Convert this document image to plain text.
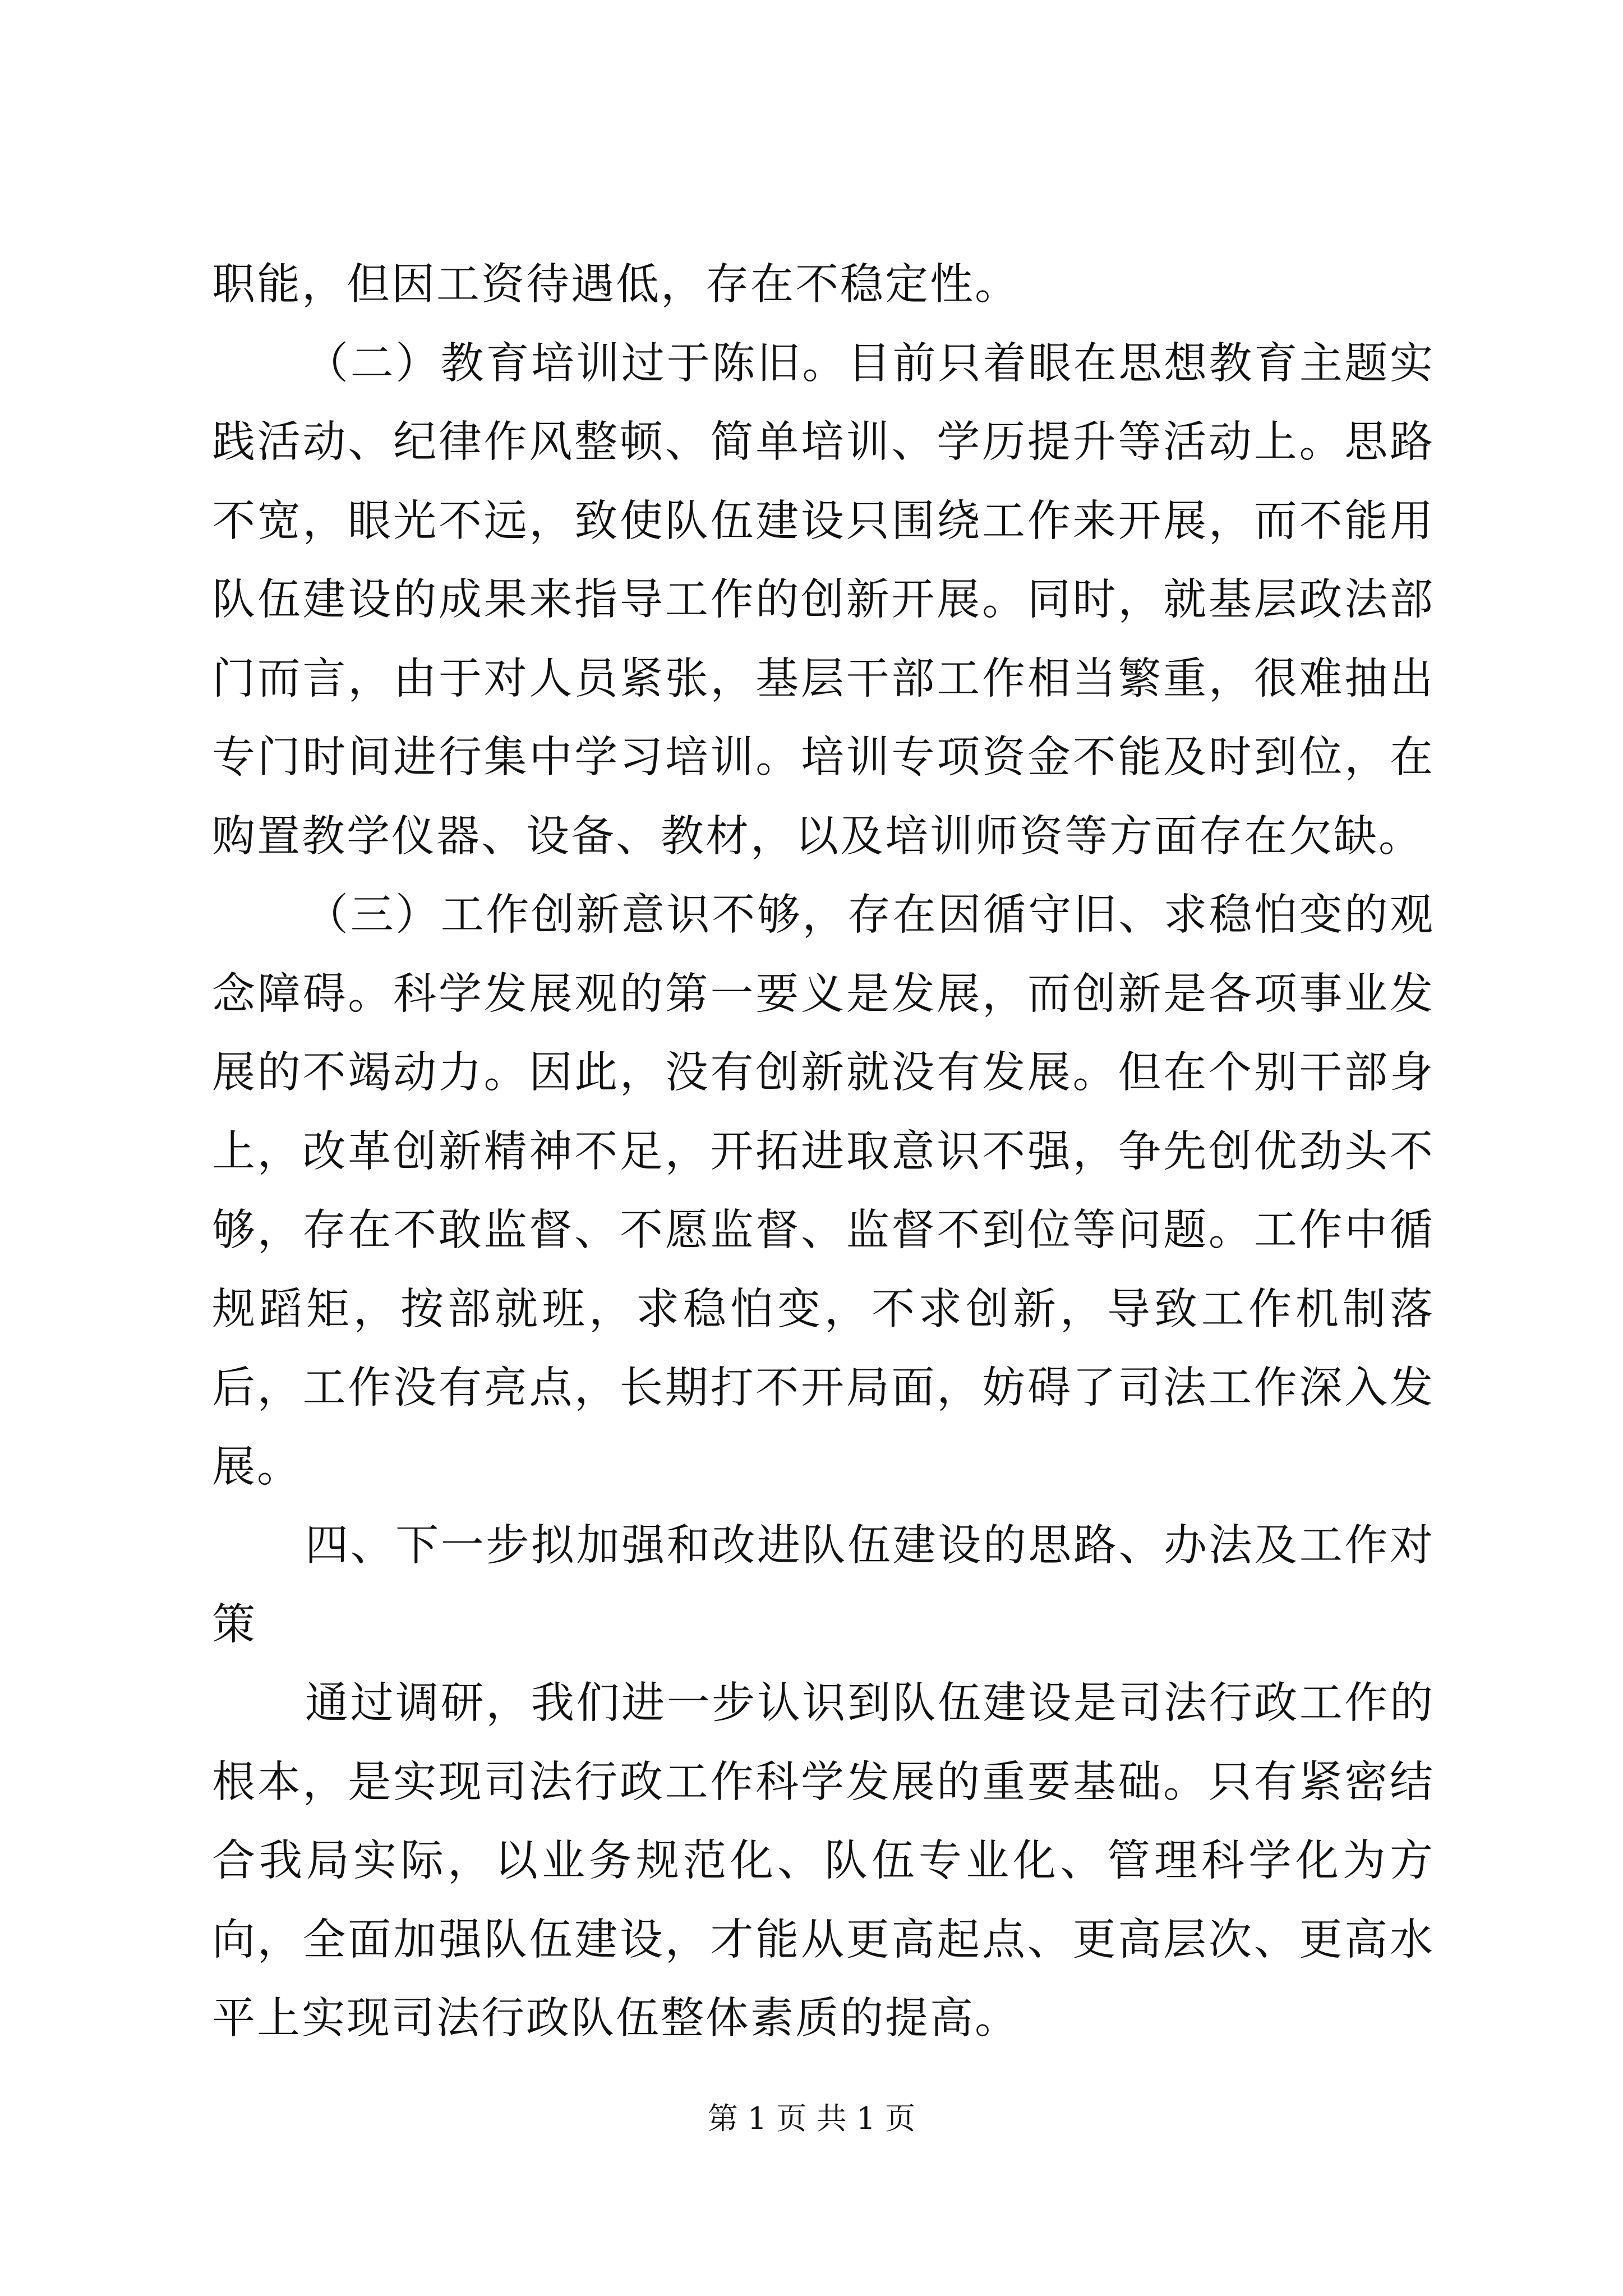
职能，但因工资待遇低，存在不稳定性。

（二）教育培训过于陈旧。目前只着眼在思想教育主题实践活动、纪律作风整顿、简单培训、学历提升等活动上。思路不宽，眼光不远，致使队伍建设只围绕工作来开展，而不能用队伍建设的成果来指导工作的创新开展。同时，就基层政法部门而言，由于对人员紧张，基层干部工作相当繁重，很难抽出专门时间进行集中学习培训。培训专项资金不能及时到位，在购置教学仪器、设备、教材，以及培训师资等方面存在欠缺。

（三）工作创新意识不够，存在因循守旧、求稳怕变的观念障碍。科学发展观的第一要义是发展，而创新是各项事业发展的不竭动力。因此，没有创新就没有发展。但在个别干部身上，改革创新精神不足，开拓进取意识不强，争先创优劲头不够，存在不敢监督、不愿监督、监督不到位等问题。工作中循规蹈矩，按部就班，求稳怕变，不求创新，导致工作机制落后，工作没有亮点，长期打不开局面，妨碍了司法工作深入发展。

四、下一步拟加强和改进队伍建设的思路、办法及工作对策

通过调研，我们进一步认识到队伍建设是司法行政工作的根本，是实现司法行政工作科学发展的重要基础。只有紧密结合我局实际，以业务规范化、队伍专业化、管理科学化为方向，全面加强队伍建设，才能从更高起点、更高层次、更高水平上实现司法行政队伍整体素质的提高。

第 1 页 共 1 页
